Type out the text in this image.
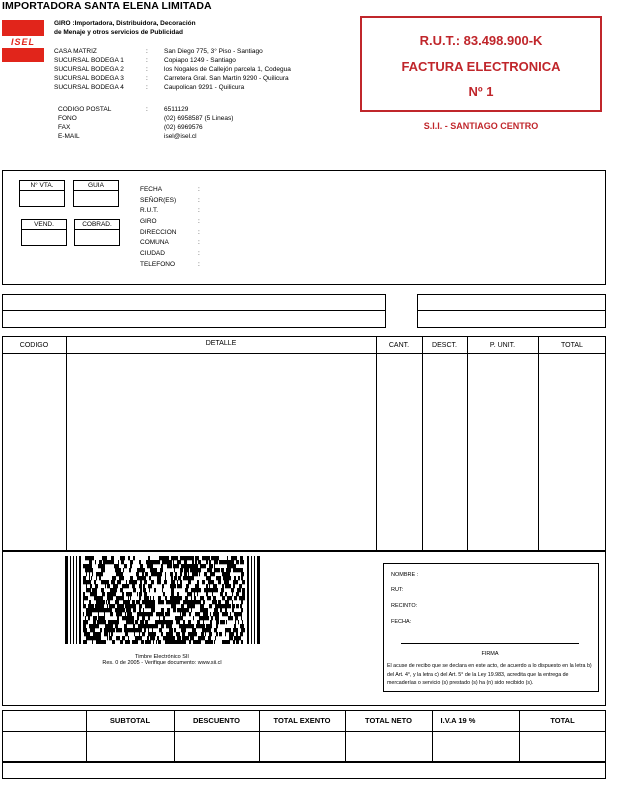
IMPORTADORA SANTA ELENA LIMITADA
ISEL
GIRO :Importadora, Distribuidora, Decoración
de Menaje y otros servicios de Publicidad
CASA MATRIZ	: San Diego 775, 3° Piso - Santiago
SUCURSAL BODEGA 1	: Copiapo 1249 - Santiago
SUCURSAL BODEGA 2	: los Nogales de Callejón parcela 1, Codegua
SUCURSAL BODEGA 3	: Carretera Gral. San Martín 9290 - Quilicura
SUCURSAL BODEGA 4	: Caupolican 9291 - Quilicura
CODIGO POSTAL	: 6511129
FONO	(02) 6958587 (5 Lineas)
FAX	(02) 6969576
E-MAIL	isel@isel.cl
R.U.T.: 83.498.900-K
FACTURA ELECTRONICA
Nº 1
S.I.I. - SANTIAGO CENTRO
N° VTA.	GUIA
VEND.	COBRAD.
FECHA	:
SEÑOR(ES)	:
R.U.T.	:
GIRO	:
DIRECCION	:
COMUNA	:
CIUDAD	:
TELEFONO	:
CODIGO	DETALLE	CANT.	DESCT.	P. UNIT.	TOTAL
Timbre Electrónico SII
Res. 0 de 2005 - Verifique documento: www.sii.cl
NOMBRE :
RUT:
RECINTO:
FECHA:
FIRMA
El acuse de recibo que se declara en este acto, de acuerdo a lo dispuesto en la letra b) del Art. 4°, y la letra c) del Art. 5° de la Ley 19.983, acredita que la entrega de mercaderías o servicio (s) prestado (s) ha (n) sido recibido (s).
SUBTOTAL	DESCUENTO	TOTAL EXENTO	TOTAL NETO	I.V.A 19 %	TOTAL
